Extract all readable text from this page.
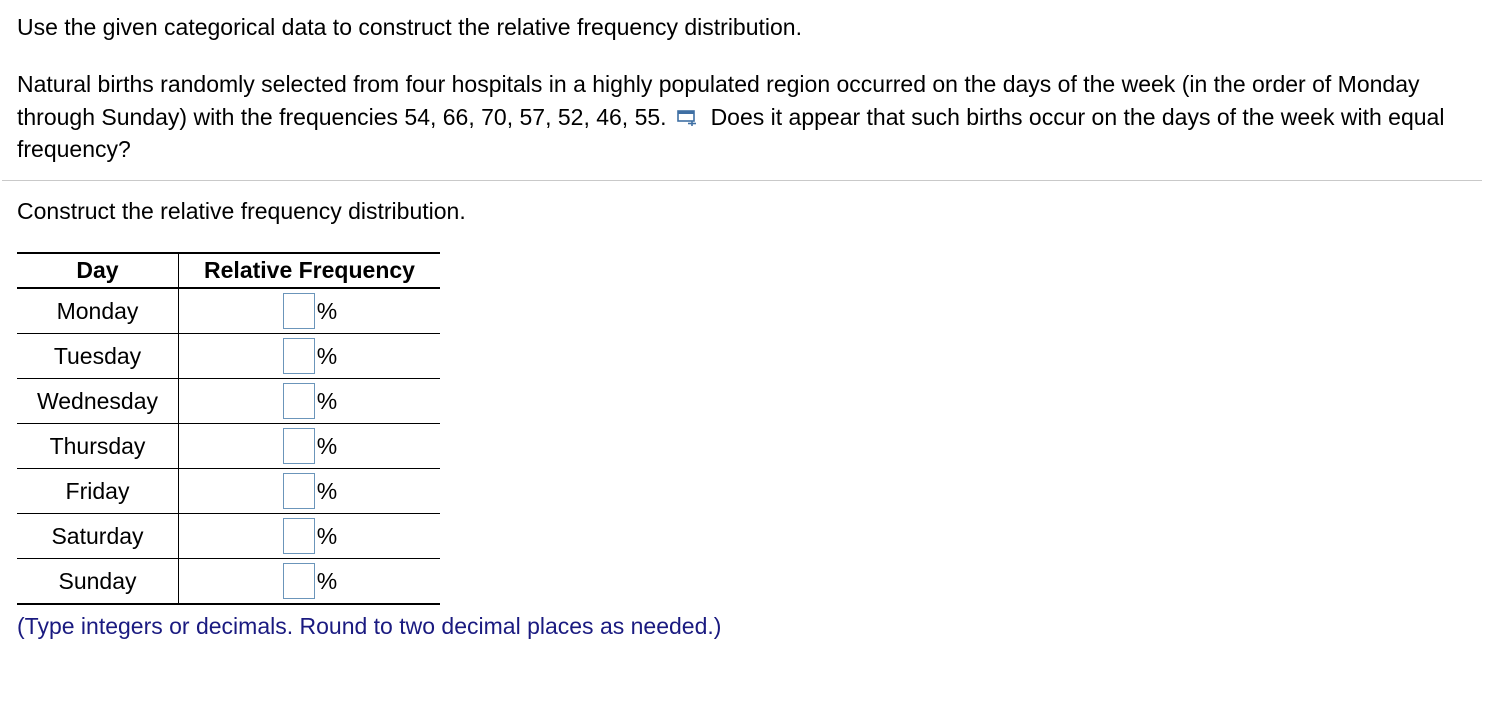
Use the given categorical data to construct the relative frequency distribution.

Natural births randomly selected from four hospitals in a highly populated region occurred on the days of the week (in the order of Monday through Sunday) with the frequencies 54, 66, 70, 57, 52, 46, 55. Does it appear that such births occur on the days of the week with equal frequency?

Construct the relative frequency distribution.

Day	Relative Frequency
Monday	%

Tuesday	%

Wednesday	%

Thursday	%

Friday	%

Saturday	%

Sunday	%

(Type integers or decimals. Round to two decimal places as needed.)
